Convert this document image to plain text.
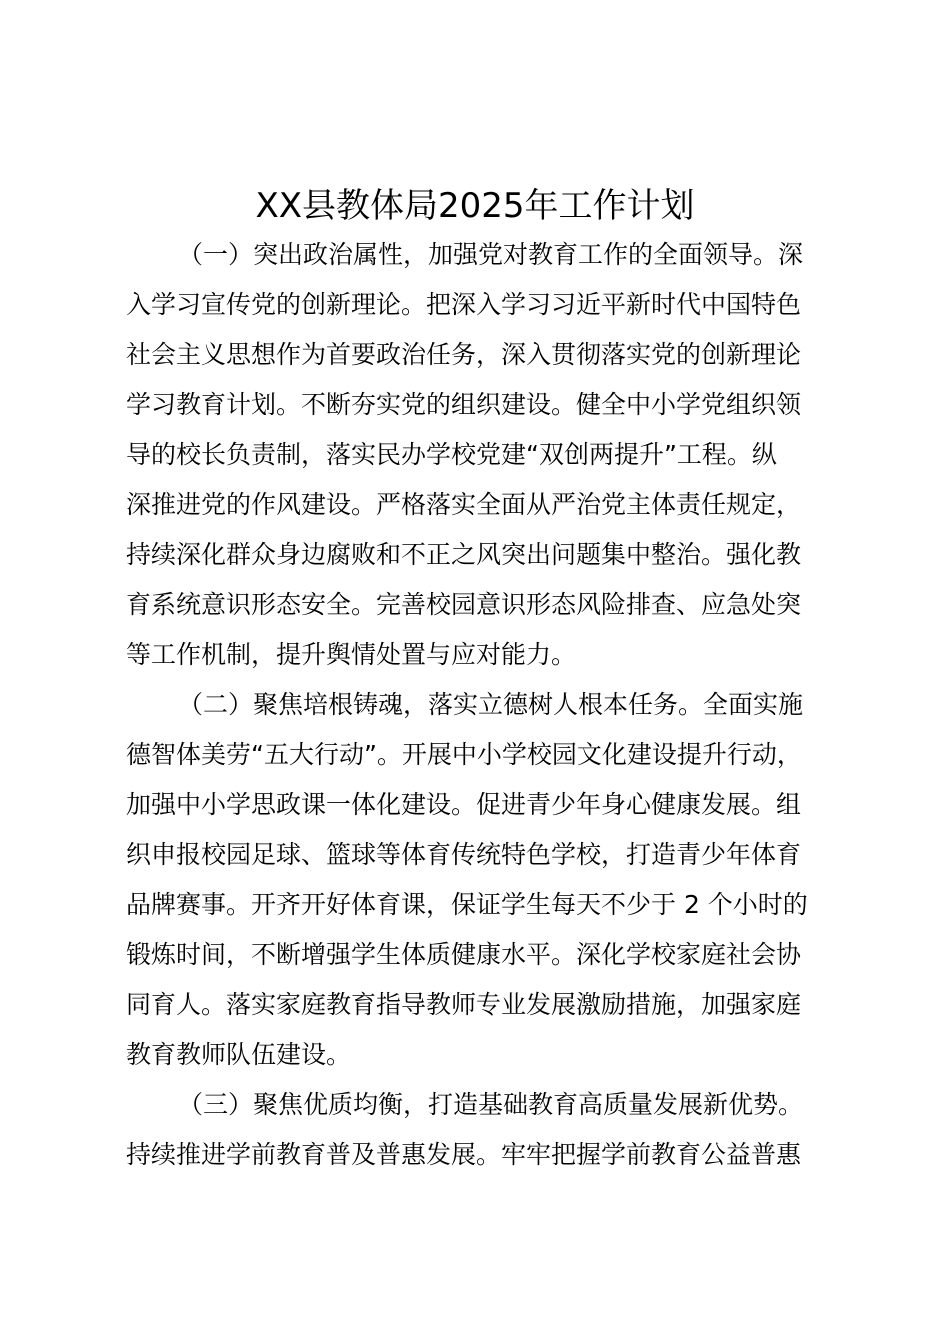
XX县教体局2025年工作计划
（一）突出政治属性，加强党对教育工作的全面领导。深
入学习宣传党的创新理论。把深入学习习近平新时代中国特色
社会主义思想作为首要政治任务，深入贯彻落实党的创新理论
学习教育计划。不断夯实党的组织建设。健全中小学党组织领
导的校长负责制，落实民办学校党建“双创两提升”工程。纵
深推进党的作风建设。严格落实全面从严治党主体责任规定，
持续深化群众身边腐败和不正之风突出问题集中整治。强化教
育系统意识形态安全。完善校园意识形态风险排查、应急处突
等工作机制，提升舆情处置与应对能力。
（二）聚焦培根铸魂，落实立德树人根本任务。全面实施
德智体美劳“五大行动”。开展中小学校园文化建设提升行动，
加强中小学思政课一体化建设。促进青少年身心健康发展。组
织申报校园足球、篮球等体育传统特色学校，打造青少年体育
品牌赛事。开齐开好体育课，保证学生每天不少于 2 个小时的
锻炼时间，不断增强学生体质健康水平。深化学校家庭社会协
同育人。落实家庭教育指导教师专业发展激励措施，加强家庭
教育教师队伍建设。
（三）聚焦优质均衡，打造基础教育高质量发展新优势。
持续推进学前教育普及普惠发展。牢牢把握学前教育公益普惠
